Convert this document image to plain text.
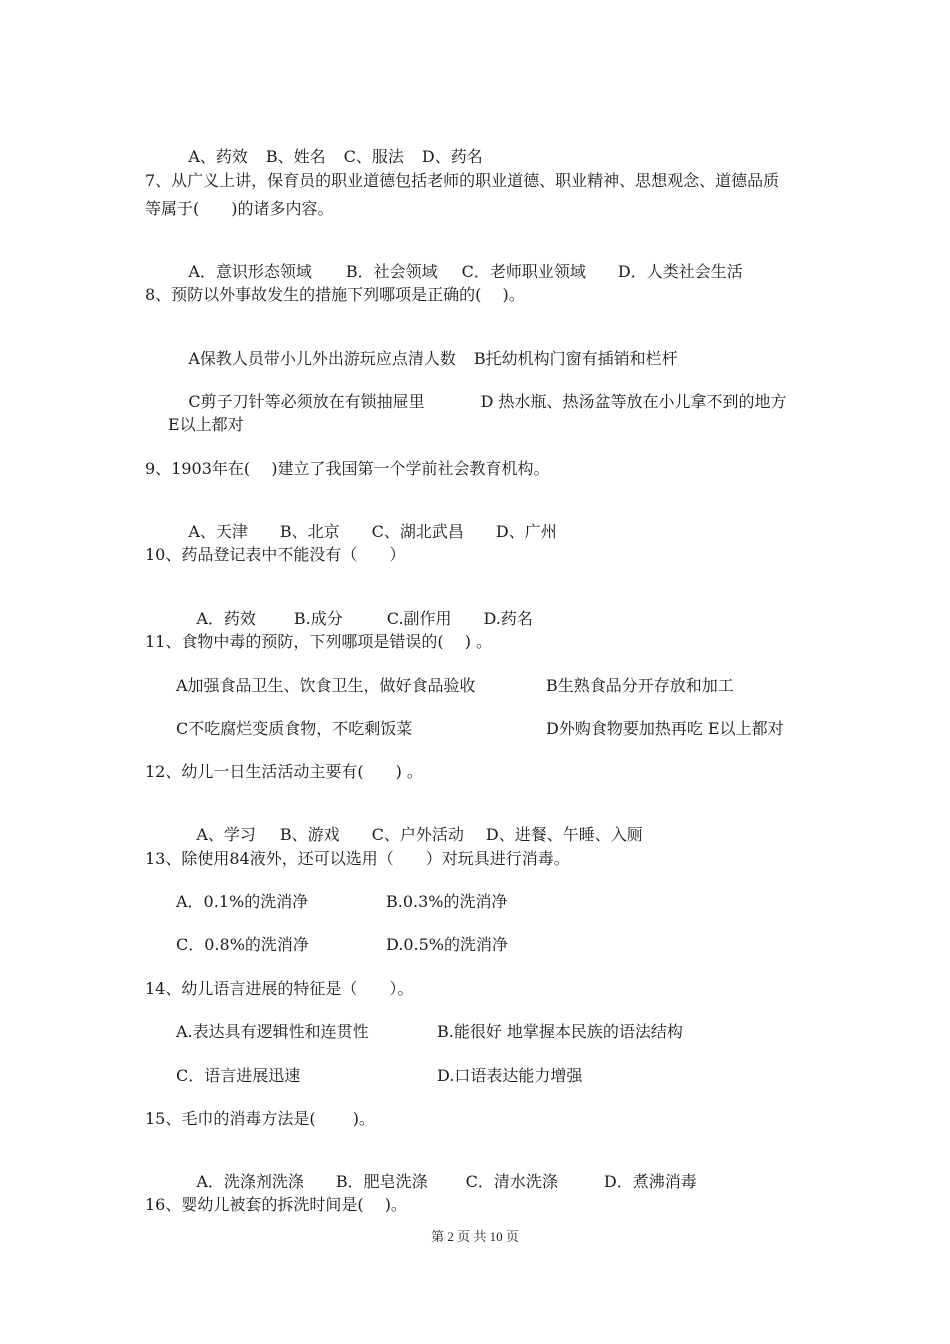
A、药效 B、姓名 C、服法 D、药名

7、从广义上讲，保育员的职业道德包括老师的职业道德、职业精神、思想观念、道德品质
等属于(　　)的诸多内容。

A．意识形态领域 B．社会领域 C．老师职业领域 D．人类社会生活

8、预防以外事故发生的措施下列哪项是正确的(　 )。

A保教人员带小儿外出游玩应点清人数 B托幼机构门窗有插销和栏杆

C剪子刀针等必须放在有锁抽屉里	D 热水瓶、热汤盆等放在小儿拿不到的地方

E以上都对
9、1903年在(　 )建立了我国第一个学前社会教育机构。

A、天津 B、北京 C、湖北武昌 D、广州

10、药品登记表中不能没有（　　）

A．药效 B.成分	C.副作用 D.药名

11、食物中毒的预防，下列哪项是错误的(　 ) 。
A加强食品卫生、饮食卫生，做好食品验收	B生熟食品分开存放和加工
C不吃腐烂变质食物，不吃剩饭菜	D外购食物要加热再吃 E以上都对
12、幼儿一日生活活动主要有(　　) 。

A、学习 B、游戏 C、户外活动 D、进餐、午睡、入厕

13、除使用84液外，还可以选用（　　）对玩具进行消毒。
A．0.1%的洗消净	B.0.3%的洗消净
C．0.8%的洗消净	D.0.5%的洗消净
14、幼儿语言进展的特征是（　　）。
A.表达具有逻辑性和连贯性	B.能很好 地掌握本民族的语法结构
C．语言进展迅速	D.口语表达能力增强
15、毛巾的消毒方法是(　　 )。

A．洗涤剂洗涤 B．肥皂洗涤 C．清水洗涤	D．煮沸消毒

16、婴幼儿被套的拆洗时间是(　 )。
第 2 页 共 10 页
